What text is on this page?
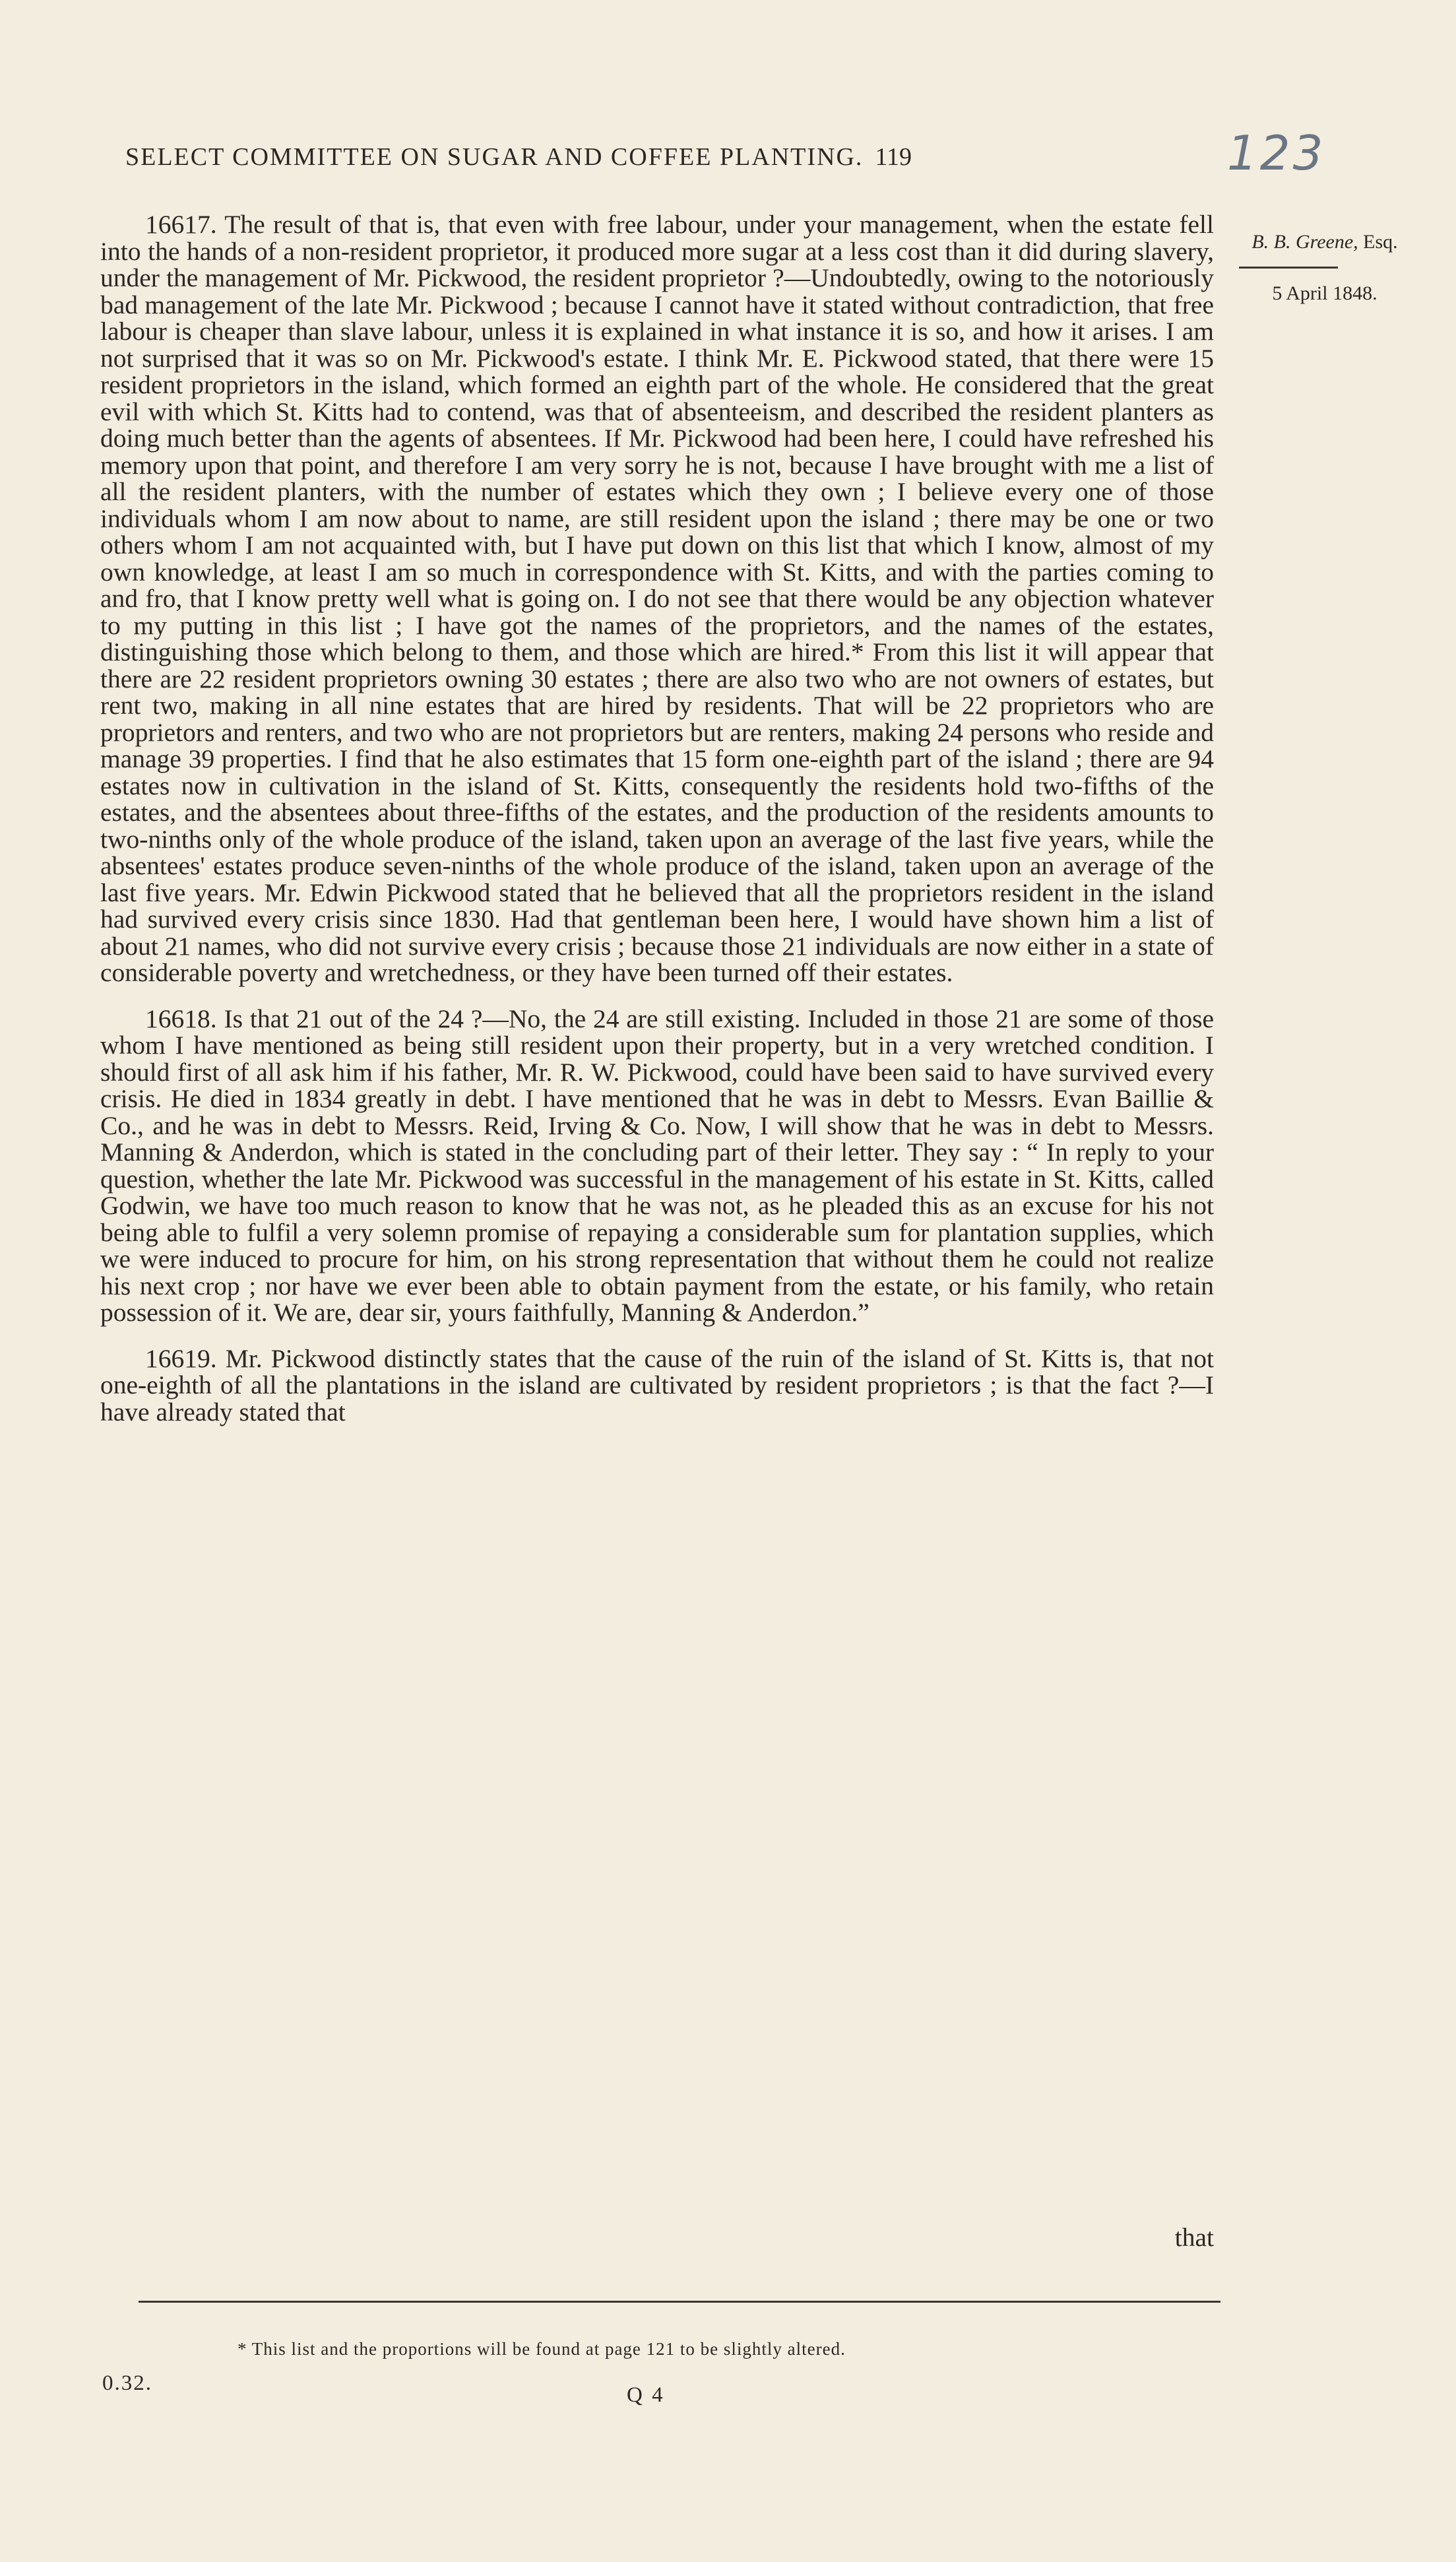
SELECT COMMITTEE ON SUGAR AND COFFEE PLANTING. 119	123
B. B. Greene, Esq.
5 April 1848.

16617. The result of that is, that even with free labour, under your management, when the estate fell into the hands of a non-resident proprietor, it produced more sugar at a less cost than it did during slavery, under the management of Mr. Pickwood, the resident proprietor ?—Undoubtedly, owing to the notoriously bad management of the late Mr. Pickwood ; because I cannot have it stated without contradiction, that free labour is cheaper than slave labour, unless it is explained in what instance it is so, and how it arises. I am not surprised that it was so on Mr. Pickwood's estate. I think Mr. E. Pickwood stated, that there were 15 resident proprietors in the island, which formed an eighth part of the whole. He considered that the great evil with which St. Kitts had to contend, was that of absenteeism, and described the resident planters as doing much better than the agents of absentees. If Mr. Pickwood had been here, I could have refreshed his memory upon that point, and therefore I am very sorry he is not, because I have brought with me a list of all the resident planters, with the number of estates which they own ; I believe every one of those individuals whom I am now about to name, are still resident upon the island ; there may be one or two others whom I am not acquainted with, but I have put down on this list that which I know, almost of my own knowledge, at least I am so much in correspondence with St. Kitts, and with the parties coming to and fro, that I know pretty well what is going on. I do not see that there would be any objection whatever to my putting in this list ; I have got the names of the proprietors, and the names of the estates, distinguishing those which belong to them, and those which are hired.* From this list it will appear that there are 22 resident proprietors owning 30 estates ; there are also two who are not owners of estates, but rent two, making in all nine estates that are hired by residents. That will be 22 proprietors who are proprietors and renters, and two who are not proprietors but are renters, making 24 persons who reside and manage 39 properties. I find that he also estimates that 15 form one-eighth part of the island ; there are 94 estates now in cultivation in the island of St. Kitts, consequently the residents hold two-fifths of the estates, and the absentees about three-fifths of the estates, and the production of the residents amounts to two-ninths only of the whole produce of the island, taken upon an average of the last five years, while the absentees' estates produce seven-ninths of the whole produce of the island, taken upon an average of the last five years. Mr. Edwin Pickwood stated that he believed that all the proprietors resident in the island had survived every crisis since 1830. Had that gentleman been here, I would have shown him a list of about 21 names, who did not survive every crisis ; because those 21 individuals are now either in a state of considerable poverty and wretchedness, or they have been turned off their estates.

16618. Is that 21 out of the 24 ?—No, the 24 are still existing. Included in those 21 are some of those whom I have mentioned as being still resident upon their property, but in a very wretched condition. I should first of all ask him if his father, Mr. R. W. Pickwood, could have been said to have survived every crisis. He died in 1834 greatly in debt. I have mentioned that he was in debt to Messrs. Evan Baillie & Co., and he was in debt to Messrs. Reid, Irving & Co. Now, I will show that he was in debt to Messrs. Manning & Anderdon, which is stated in the concluding part of their letter. They say : “ In reply to your question, whether the late Mr. Pickwood was successful in the management of his estate in St. Kitts, called Godwin, we have too much reason to know that he was not, as he pleaded this as an excuse for his not being able to fulfil a very solemn promise of repaying a considerable sum for plantation supplies, which we were induced to procure for him, on his strong representation that without them he could not realize his next crop ; nor have we ever been able to obtain payment from the estate, or his family, who retain possession of it. We are, dear sir, yours faithfully, Manning & Anderdon.”

16619. Mr. Pickwood distinctly states that the cause of the ruin of the island of St. Kitts is, that not one-eighth of all the plantations in the island are cultivated by resident proprietors ; is that the fact ?—I have already stated that

that
* This list and the proportions will be found at page 121 to be slightly altered.
0.32.	Q 4
